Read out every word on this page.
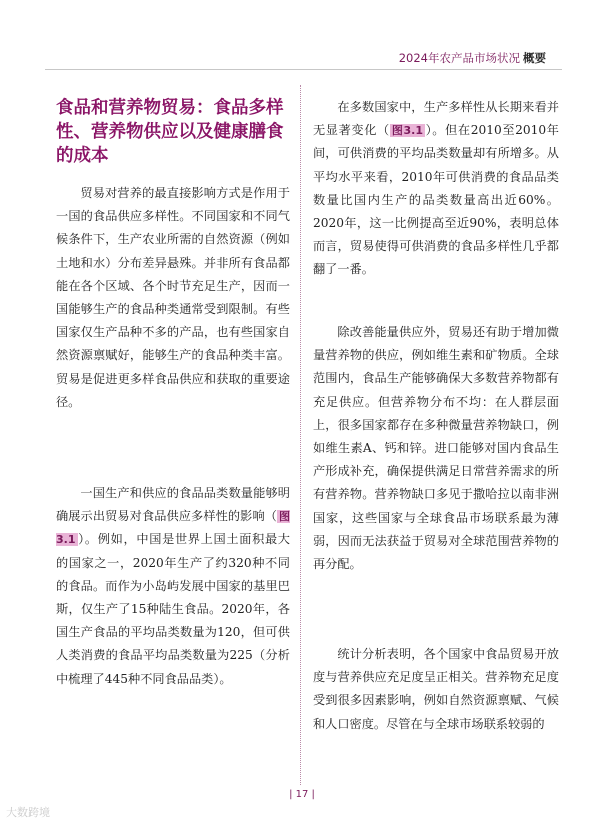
2024年农产品市场状况 概要
食品和营养物贸易：食品多样性、营养物供应以及健康膳食的成本

贸易对营养的最直接影响方式是作用于一国的食品供应多样性。不同国家和不同气候条件下，生产农业所需的自然资源（例如土地和水）分布差异悬殊。并非所有食品都能在各个区域、各个时节充足生产，因而一国能够生产的食品种类通常受到限制。有些国家仅生产品种不多的产品，也有些国家自然资源禀赋好，能够生产的食品种类丰富。贸易是促进更多样食品供应和获取的重要途径。

一国生产和供应的食品品类数量能够明确展示出贸易对食品供应多样性的影响（ 图3.1 ）。例如，中国是世界上国土面积最大的国家之一，2020年生产了约320种不同的食品。而作为小岛屿发展中国家的基里巴斯，仅生产了15种陆生食品。2020年，各国生产食品的平均品类数量为120，但可供人类消费的食品平均品类数量为225（分析中梳理了445种不同食品品类）。

在多数国家中，生产多样性从长期来看并无显著变化（ 图3.1 ）。但在2010至2010年间，可供消费的平均品类数量却有所增多。从平均水平来看，2010年可供消费的食品品类数量比国内生产的品类数量高出近60%。2020年，这一比例提高至近90%，表明总体而言，贸易使得可供消费的食品多样性几乎都翻了一番。

除改善能量供应外，贸易还有助于增加微量营养物的供应，例如维生素和矿物质。全球范围内，食品生产能够确保大多数营养物都有充足供应。但营养物分布不均：在人群层面上，很多国家都存在多种微量营养物缺口，例如维生素A、钙和锌。进口能够对国内食品生产形成补充，确保提供满足日常营养需求的所有营养物。营养物缺口多见于撒哈拉以南非洲国家，这些国家与全球食品市场联系最为薄弱，因而无法获益于贸易对全球范围营养物的再分配。

统计分析表明，各个国家中食品贸易开放度与营养供应充足度呈正相关。营养物充足度受到很多因素影响，例如自然资源禀赋、气候和人口密度。尽管在与全球市场联系较弱的

| 17 |
大数跨境
